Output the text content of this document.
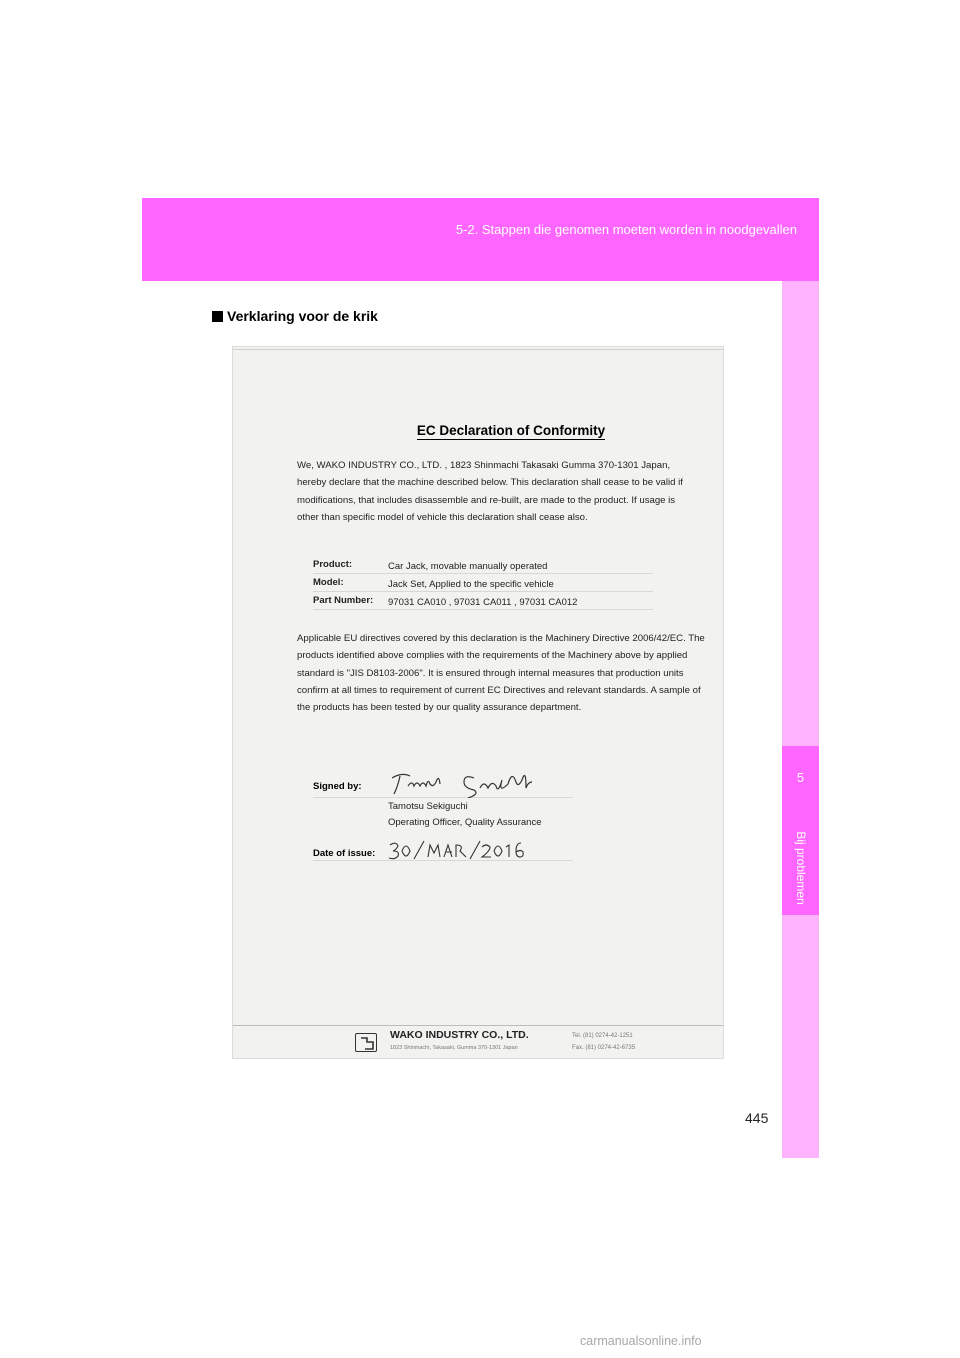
5-2. Stappen die genomen moeten worden in noodgevallen
5
Bij problemen
Verklaring voor de krik
EC Declaration of Conformity
We, WAKO INDUSTRY CO., LTD. , 1823 Shinmachi Takasaki Gumma 370-1301 Japan, hereby declare that the machine described below. This declaration shall cease to be valid if modifications, that includes disassemble and re-built, are made to the product. If usage is other than specific model of vehicle this declaration shall cease also.
Product:	Car Jack, movable manually operated
Model:	Jack Set, Applied to the specific vehicle
Part Number: 97031 CA010 , 97031 CA011 , 97031 CA012
Applicable EU directives covered by this declaration is the Machinery Directive 2006/42/EC. The products identified above complies with the requirements of the Machinery above by applied standard is "JIS D8103-2006". It is ensured through internal measures that production units confirm at all times to requirement of current EC Directives and relevant standards. A sample of the products has been tested by our quality assurance department.
Signed by:
Tamotsu Sekiguchi
Operating Officer, Quality Assurance
Date of issue:
WAKO INDUSTRY CO., LTD.
1823 Shinmachi, Takasaki, Gumma 370-1301 Japan
Tel. (81) 0274-42-1251
Fax. (81) 0274-42-6735
445
carmanualsonline.info
